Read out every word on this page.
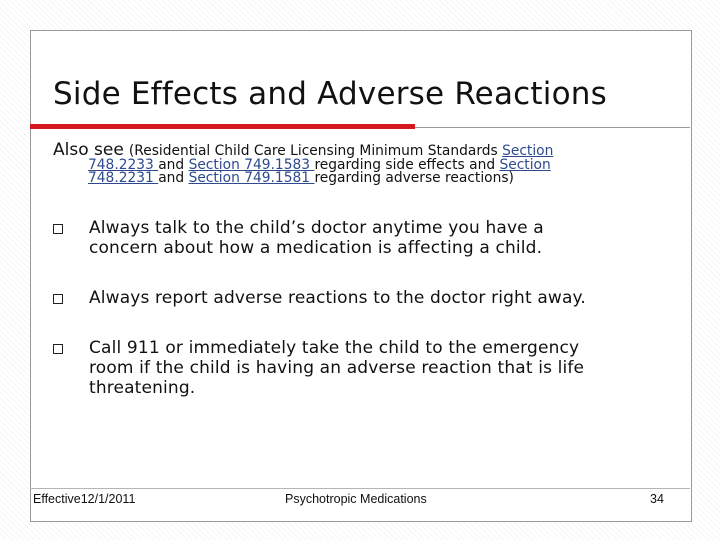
Side Effects and Adverse Reactions
Also see (Residential Child Care Licensing Minimum Standards Section
748.2233 and Section 749.1583 regarding side effects and Section
748.2231 and Section 749.1581 regarding adverse reactions)
Always talk to the child’s doctor anytime you have a
concern about how a medication is affecting a child.
Always report adverse reactions to the doctor right away.
Call 911 or immediately take the child to the emergency
room if the child is having an adverse reaction that is life
threatening.
Effective12/1/2011	Psychotropic Medications	34
